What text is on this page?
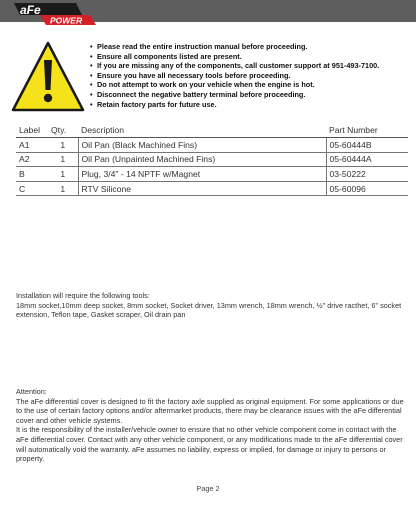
aFe
POWER
• Please read the entire instruction manual before proceeding.
• Ensure all components listed are present.
• If you are missing any of the components, call customer support at 951-493-7100.
• Ensure you have all necessary tools before proceeding.
• Do not attempt to work on your vehicle when the engine is hot.
• Disconnect the negative battery terminal before proceeding.
• Retain factory parts for future use.
Label	Qty.	Description	Part Number
A1	1	Oil Pan (Black Machined Fins)	05-60444B
A2	1	Oil Pan (Unpainted Machined Fins)	05-60444A
B	1	Plug, 3/4" - 14 NPTF w/Magnet	03-50222
C	1	RTV Silicone	05-60096

Installation will require the following tools:

18mm socket,10mm deep socket, 8mm socket, Socket driver, 13mm wrench, 18mm wrench, ½" drive racthet, 6" socket extension, Teflon tape, Gasket scraper, Oil drain pan

Attention:

The aFe differential cover is designed to fit the factory axle supplied as original equipment. For some applications or due to the use of certain factory options and/or aftermarket products, there may be clearance issues with the aFe differential cover and other vehicle systems.

It is the responsibility of the installer/vehicle owner to ensure that no other vehicle component come in contact with the aFe differential cover. Contact with any other vehicle component, or any modifications made to the aFe differential cover will automatically void the warranty. aFe assumes no liability, express or implied, for damage or injury to persons or property.

Page 2
